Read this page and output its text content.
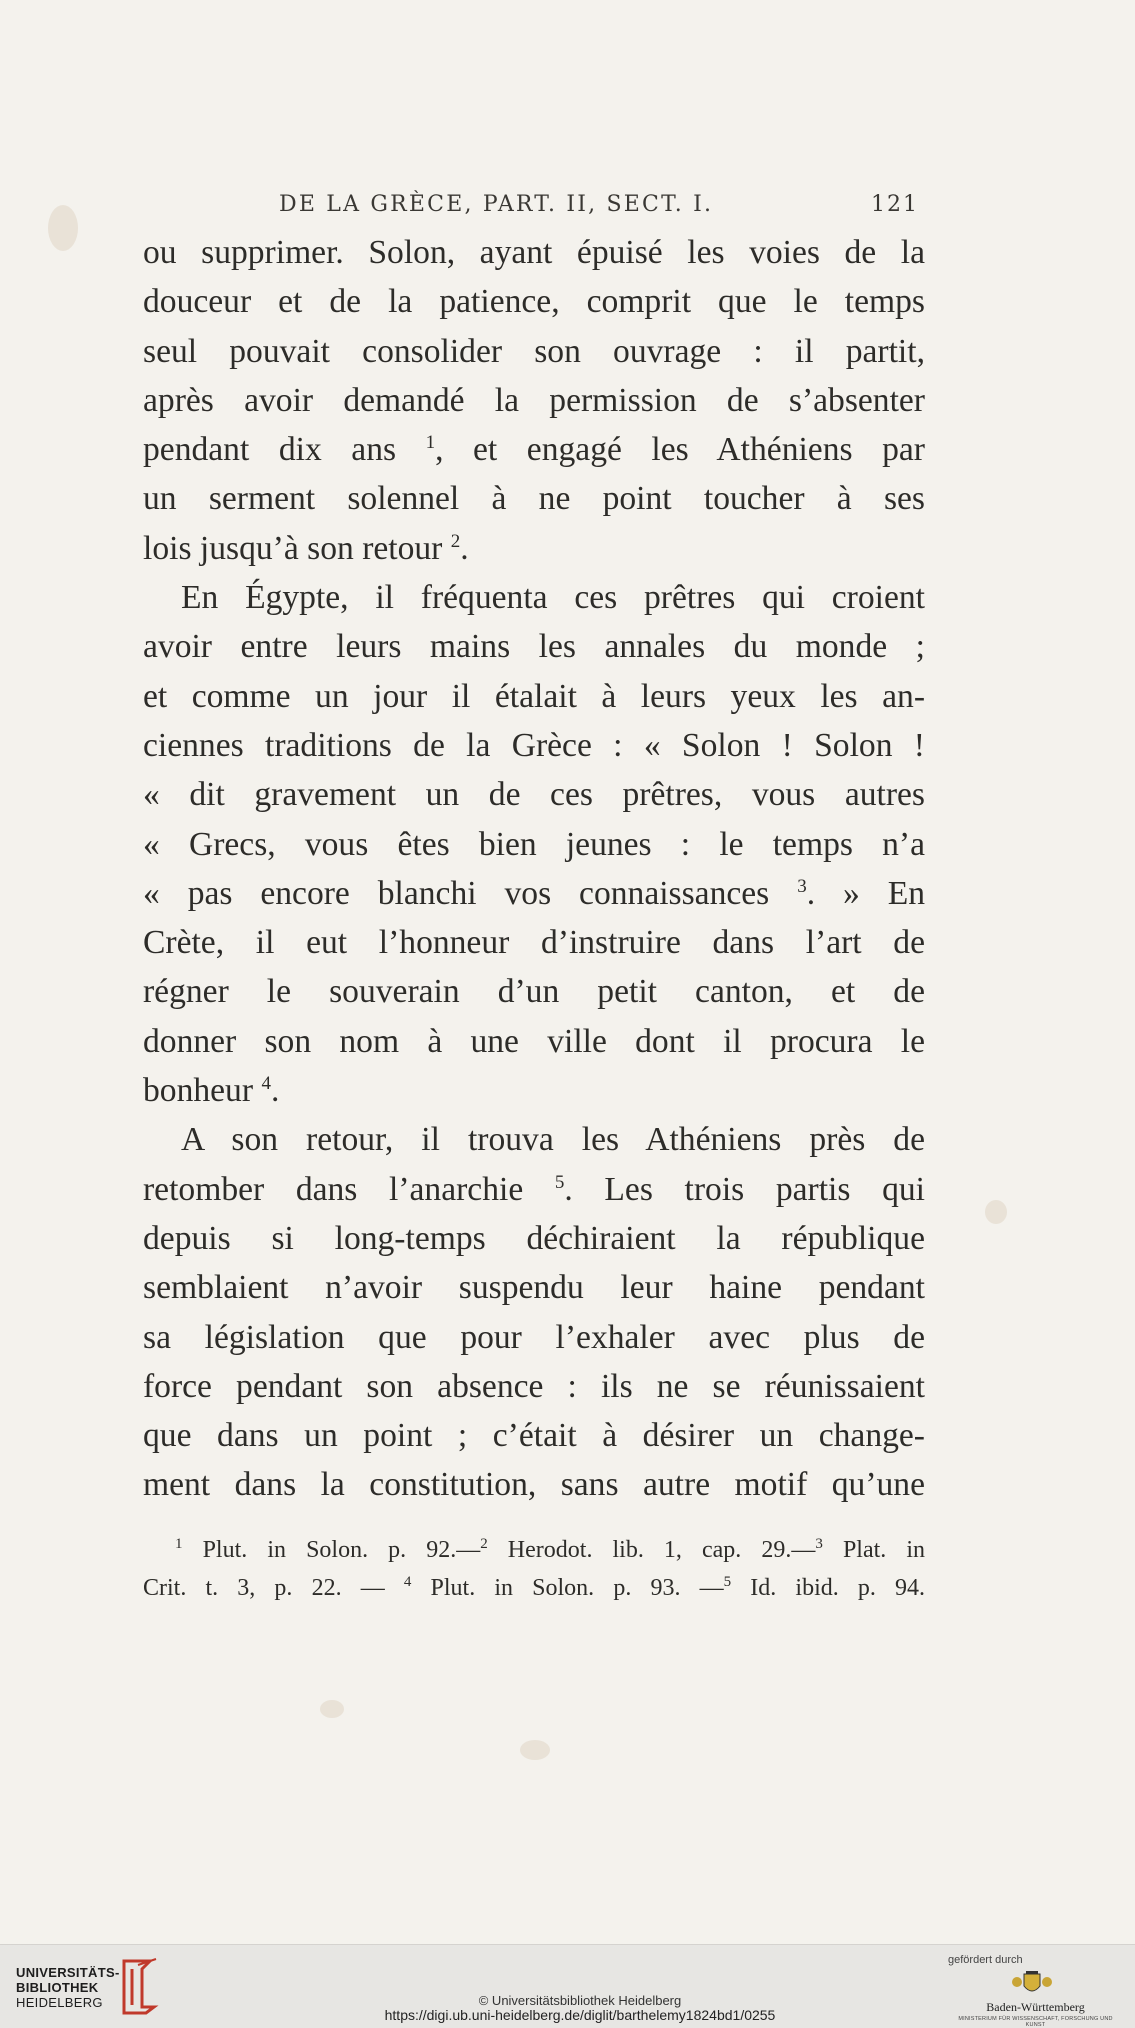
DE LA GRÈCE, PART. II, SECT. I.	121
ou supprimer. Solon, ayant épuisé les voies de la
douceur et de la patience, comprit que le temps
seul pouvait consolider son ouvrage : il partit,
après avoir demandé la permission de s’absenter
pendant dix ans $^1$, et engagé les Athéniens par
un serment solennel à ne point toucher à ses
lois jusqu’à son retour $^2$.
En Égypte, il fréquenta ces prêtres qui croient
avoir entre leurs mains les annales du monde ;
et comme un jour il étalait à leurs yeux les an-
ciennes traditions de la Grèce : « Solon ! Solon !
« dit gravement un de ces prêtres, vous autres
« Grecs, vous êtes bien jeunes : le temps n’a
« pas encore blanchi vos connaissances $^3$. » En
Crète, il eut l’honneur d’instruire dans l’art de
régner le souverain d’un petit canton, et de
donner son nom à une ville dont il procura le
bonheur $^4$.
A son retour, il trouva les Athéniens près de
retomber dans l’anarchie $^5$. Les trois partis qui
depuis si long-temps déchiraient la république
semblaient n’avoir suspendu leur haine pendant
sa législation que pour l’exhaler avec plus de
force pendant son absence : ils ne se réunissaient
que dans un point ; c’était à désirer un change-
ment dans la constitution, sans autre motif qu’une
$^1$ Plut. in Solon. p. 92.—$^2$ Herodot. lib. 1, cap. 29.—$^3$ Plat. in
Crit. t. 3, p. 22. — $^4$ Plut. in Solon. p. 93. —$^5$ Id. ibid. p. 94.
UNIVERSITÄTS-
BIBLIOTHEK
HEIDELBERG	© Universitätsbibliothek Heidelberg
https://digi.ub.uni-heidelberg.de/diglit/barthelemy1824bd1/0255
gefördert durch
Baden-Württemberg
MINISTERIUM FÜR WISSENSCHAFT, FORSCHUNG UND KUNST
